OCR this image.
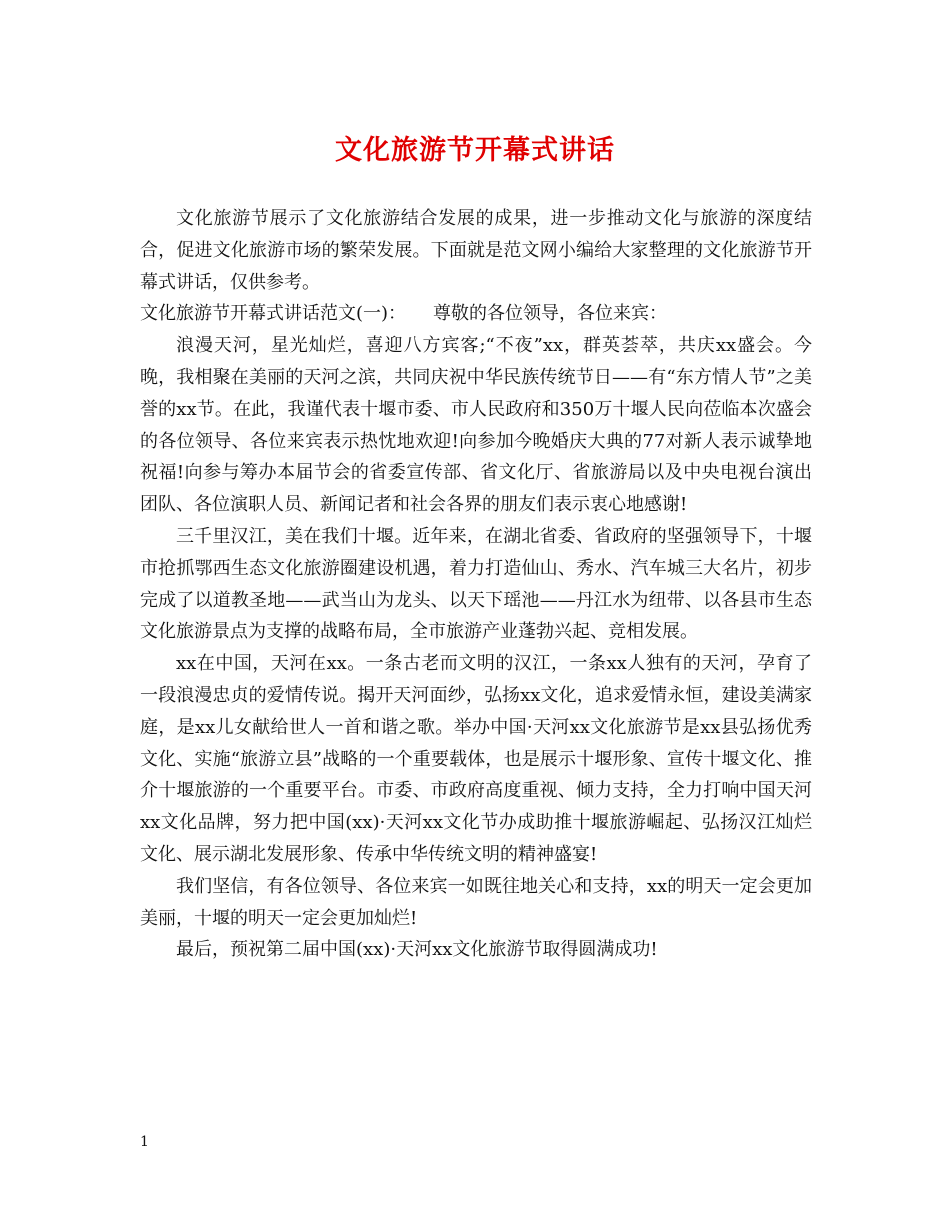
文化旅游节开幕式讲话

文化旅游节展示了文化旅游结合发展的成果，进一步推动文化与旅游的深度结合，促进文化旅游市场的繁荣发展。下面就是范文网小编给大家整理的文化旅游节开幕式讲话，仅供参考。

文化旅游节开幕式讲话范文(一)：　　尊敬的各位领导，各位来宾：

浪漫天河，星光灿烂，喜迎八方宾客;“不夜”xx，群英荟萃，共庆xx盛会。今晚，我相聚在美丽的天河之滨，共同庆祝中华民族传统节日——有“东方情人节”之美誉的xx节。在此，我谨代表十堰市委、市人民政府和350万十堰人民向莅临本次盛会的各位领导、各位来宾表示热忱地欢迎!向参加今晚婚庆大典的77对新人表示诚挚地祝福!向参与筹办本届节会的省委宣传部、省文化厅、省旅游局以及中央电视台演出团队、各位演职人员、新闻记者和社会各界的朋友们表示衷心地感谢!

三千里汉江，美在我们十堰。近年来，在湖北省委、省政府的坚强领导下，十堰市抢抓鄂西生态文化旅游圈建设机遇，着力打造仙山、秀水、汽车城三大名片，初步完成了以道教圣地——武当山为龙头、以天下瑶池——丹江水为纽带、以各县市生态文化旅游景点为支撑的战略布局，全市旅游产业蓬勃兴起、竞相发展。

xx在中国，天河在xx。一条古老而文明的汉江，一条xx人独有的天河，孕育了一段浪漫忠贞的爱情传说。揭开天河面纱，弘扬xx文化，追求爱情永恒，建设美满家庭，是xx儿女献给世人一首和谐之歌。举办中国·天河xx文化旅游节是xx县弘扬优秀文化、实施“旅游立县”战略的一个重要载体，也是展示十堰形象、宣传十堰文化、推介十堰旅游的一个重要平台。市委、市政府高度重视、倾力支持，全力打响中国天河xx文化品牌，努力把中国(xx)·天河xx文化节办成助推十堰旅游崛起、弘扬汉江灿烂文化、展示湖北发展形象、传承中华传统文明的精神盛宴!

我们坚信，有各位领导、各位来宾一如既往地关心和支持，xx的明天一定会更加美丽，十堰的明天一定会更加灿烂!

最后，预祝第二届中国(xx)·天河xx文化旅游节取得圆满成功!

1
